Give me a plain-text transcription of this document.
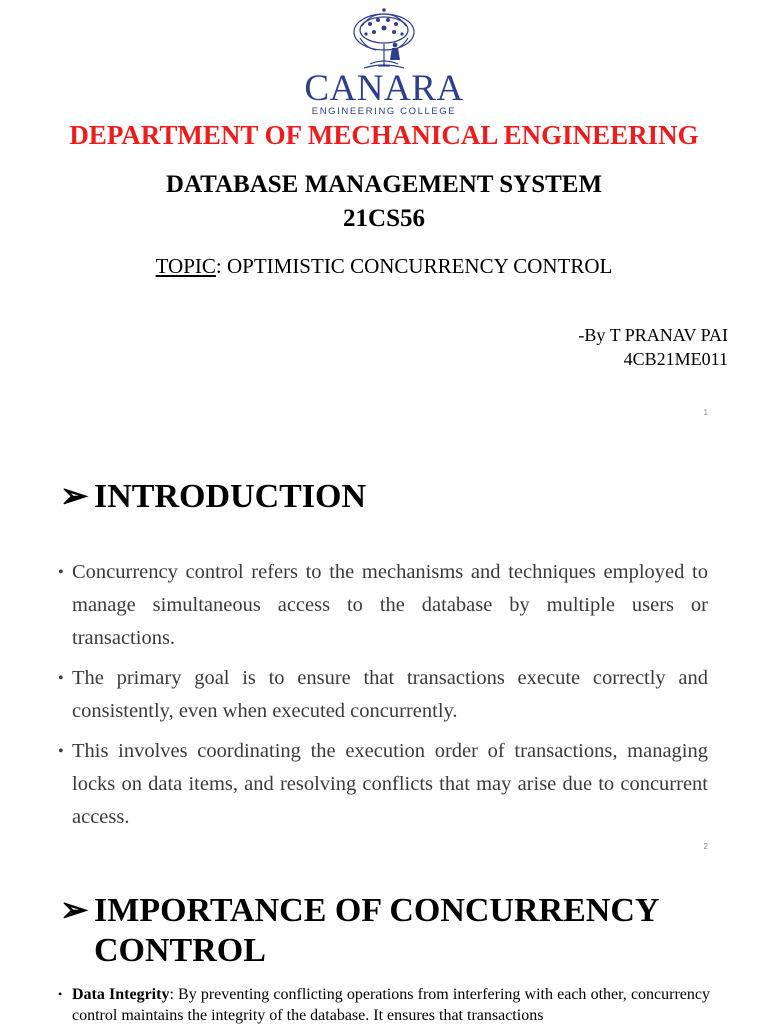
CANARA
ENGINEERING COLLEGE
DEPARTMENT OF MECHANICAL ENGINEERING
DATABASE MANAGEMENT SYSTEM
21CS56
TOPIC: OPTIMISTIC CONCURRENCY CONTROL
-By T PRANAV PAI
4CB21ME011
1
➢ INTRODUCTION
• Concurrency control refers to the mechanisms and techniques employed to manage simultaneous access to the database by multiple users or transactions.
• The primary goal is to ensure that transactions execute correctly and consistently, even when executed concurrently.
• This involves coordinating the execution order of transactions, managing locks on data items, and resolving conflicts that may arise due to concurrent access.
2
➢ IMPORTANCE OF CONCURRENCY
CONTROL
• Data Integrity: By preventing conflicting operations from interfering with each other, concurrency control maintains the integrity of the database. It ensures that transactions
